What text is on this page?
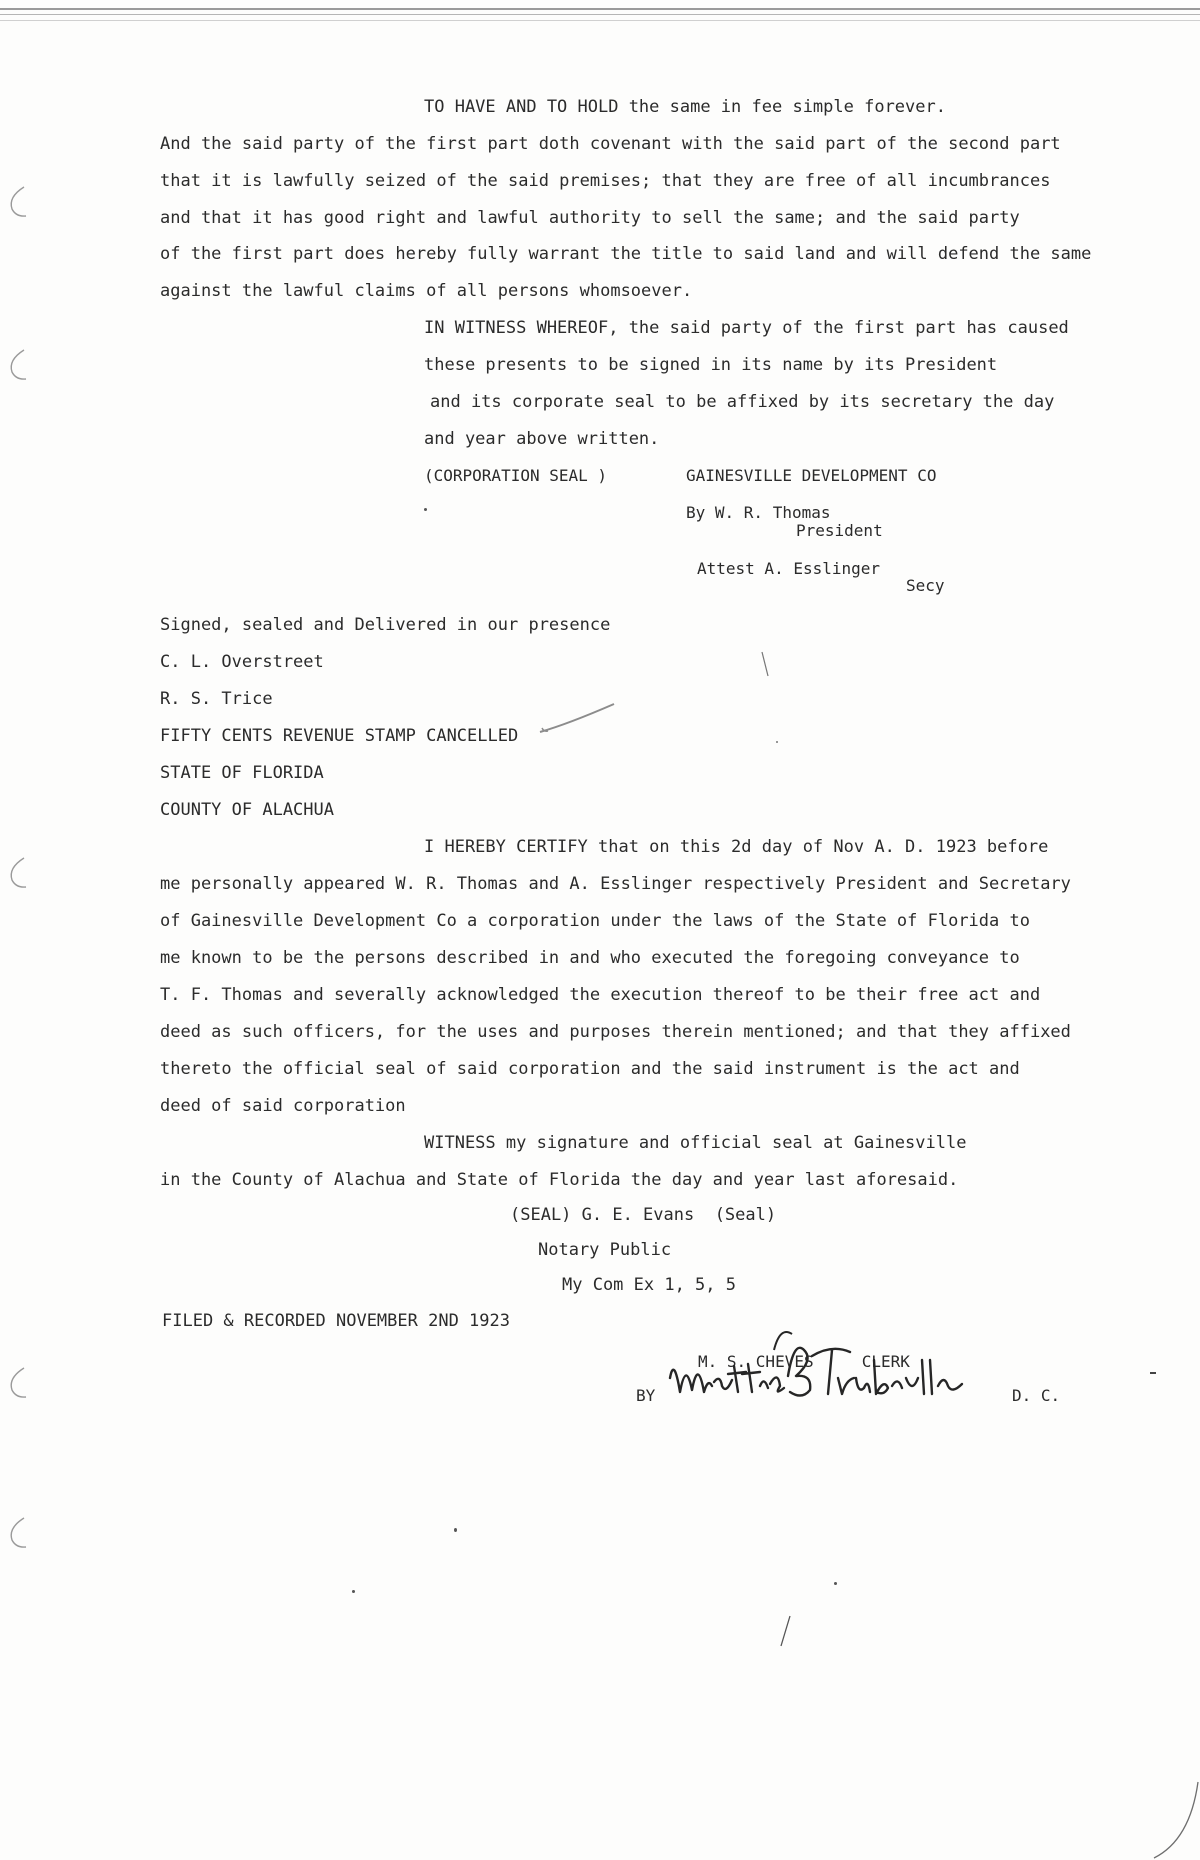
TO HAVE AND TO HOLD the same in fee simple forever.
And the said party of the first part doth covenant with the said part of the second part
that it is lawfully seized of the said premises; that they are free of all incumbrances
and that it has good right and lawful authority to sell the same; and the said party
of the first part does hereby fully warrant the title to said land and will defend the same
against the lawful claims of all persons whomsoever.
IN WITNESS WHEREOF, the said party of the first part has caused
these presents to be signed in its name by its President
and its corporate seal to be affixed by its secretary the day
and year above written.
(CORPORATION SEAL )	GAINESVILLE DEVELOPMENT CO
By W. R. Thomas
President
Attest A. Esslinger
Secy
Signed, sealed and Delivered in our presence
C. L. Overstreet
R. S. Trice
FIFTY CENTS REVENUE STAMP CANCELLED
STATE OF FLORIDA
COUNTY OF ALACHUA
I HEREBY CERTIFY that on this 2d day of Nov A. D. 1923 before
me personally appeared W. R. Thomas and A. Esslinger respectively President and Secretary
of Gainesville Development Co a corporation under the laws of the State of Florida to
me known to be the persons described in and who executed the foregoing conveyance to
T. F. Thomas and severally acknowledged the execution thereof to be their free act and
deed as such officers, for the uses and purposes therein mentioned; and that they affixed
thereto the official seal of said corporation and the said instrument is the act and
deed of said corporation
WITNESS my signature and official seal at Gainesville
in the County of Alachua and State of Florida the day and year last aforesaid.
(SEAL) G. E. Evans  (Seal)
Notary Public
My Com Ex 1, 5, 5
FILED & RECORDED NOVEMBER 2ND 1923
M. S. CHEVES     CLERK
BY	D. C.
